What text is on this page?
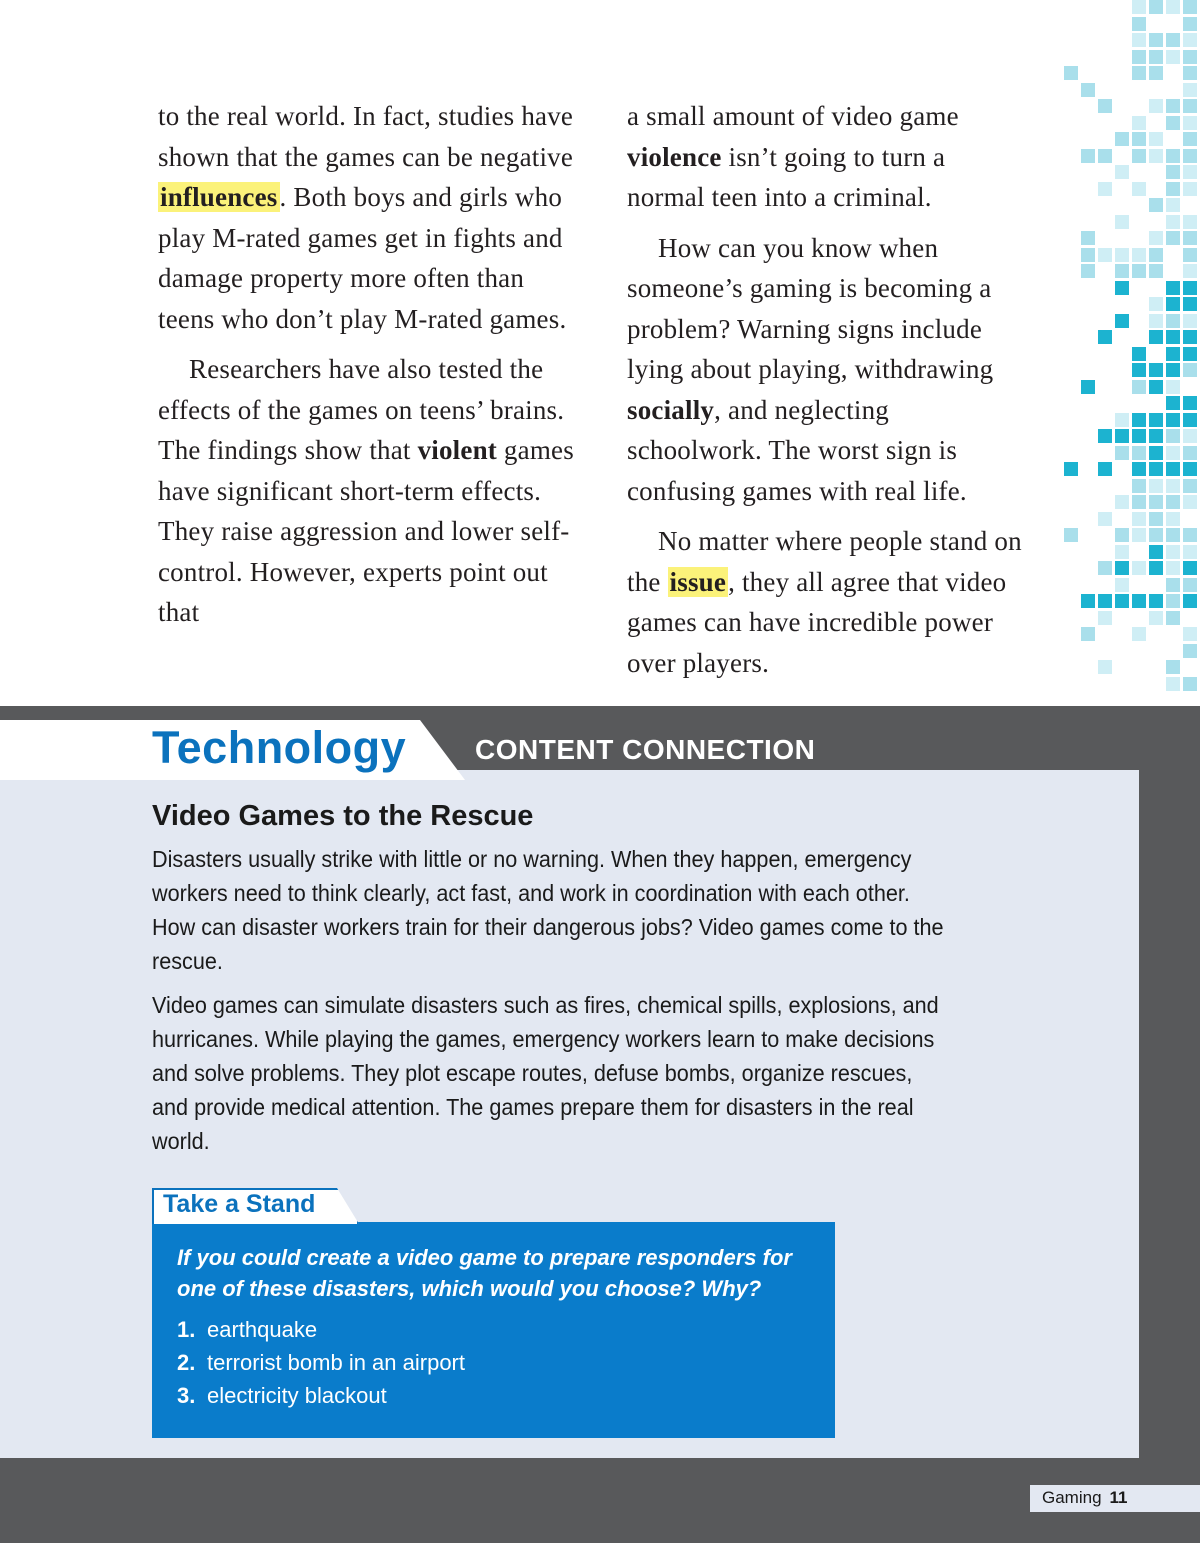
to the real world. In fact, studies have shown that the games can be negative influences. Both boys and girls who play M-rated games get in fights and damage property more often than teens who don’t play M-rated games.

Researchers have also tested the effects of the games on teens’ brains. The findings show that violent games have significant short-term effects. They raise aggression and lower self-control. However, experts point out that

a small amount of video game violence isn’t going to turn a normal teen into a criminal.

How can you know when someone’s gaming is becoming a problem? Warning signs include lying about playing, withdrawing socially, and neglecting schoolwork. The worst sign is confusing games with real life.

No matter where people stand on the issue, they all agree that video games can have incredible power over players.

Technology CONTENT CONNECTION
Video Games to the Rescue

Disasters usually strike with little or no warning. When they happen, emergency workers need to think clearly, act fast, and work in coordination with each other. How can disaster workers train for their dangerous jobs? Video games come to the rescue.

Video games can simulate disasters such as fires, chemical spills, explosions, and hurricanes. While playing the games, emergency workers learn to make decisions and solve problems. They plot escape routes, defuse bombs, organize rescues, and provide medical attention. The games prepare them for disasters in the real world.

Take a Stand
If you could create a video game to prepare responders for one of these disasters, which would you choose? Why?
1. earthquake
2. terrorist bomb in an airport
3. electricity blackout
Gaming 11
